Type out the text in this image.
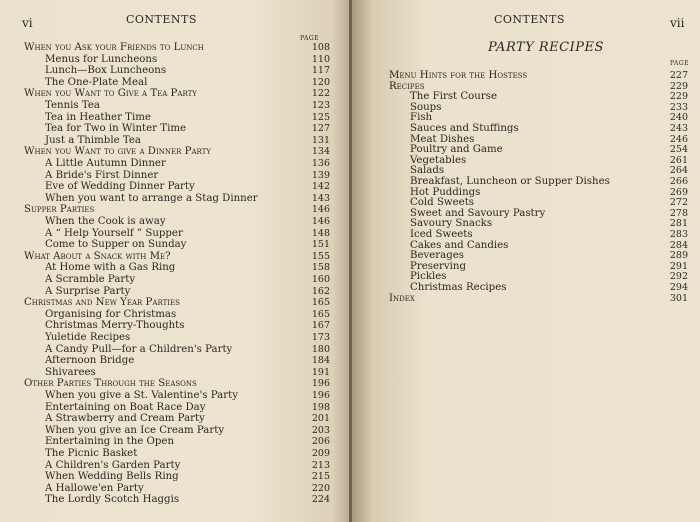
vi	CONTENTS
PAGE
When you Ask your Friends to Lunch	108
Menus for Luncheons	110
Lunch—Box Luncheons	117
The One-Plate Meal	120
When you Want to Give a Tea Party	122
Tennis Tea	123
Tea in Heather Time	125
Tea for Two in Winter Time	127
Just a Thimble Tea	131
When you Want to give a Dinner Party	134
A Little Autumn Dinner	136
A Bride's First Dinner	139
Eve of Wedding Dinner Party	142
When you want to arrange a Stag Dinner	143
Supper Parties	146
When the Cook is away	146
A “ Help Yourself ” Supper	148
Come to Supper on Sunday	151
What About a Snack with Me?	155
At Home with a Gas Ring	158
A Scramble Party	160
A Surprise Party	162
Christmas and New Year Parties	165
Organising for Christmas	165
Christmas Merry-Thoughts	167
Yuletide Recipes	173
A Candy Pull—for a Children's Party	180
Afternoon Bridge	184
Shivarees	191
Other Parties Through the Seasons	196
When you give a St. Valentine's Party	196
Entertaining on Boat Race Day	198
A Strawberry and Cream Party	201
When you give an Ice Cream Party	203
Entertaining in the Open	206
The Picnic Basket	209
A Children's Garden Party	213
When Wedding Bells Ring	215
A Hallowe'en Party	220
The Lordly Scotch Haggis	224
CONTENTS	vii
PARTY RECIPES
PAGE
Menu Hints for the Hostess	227
Recipes	229
The First Course	229
Soups	233
Fish	240
Sauces and Stuffings	243
Meat Dishes	246
Poultry and Game	254
Vegetables	261
Salads	264
Breakfast, Luncheon or Supper Dishes	266
Hot Puddings	269
Cold Sweets	272
Sweet and Savoury Pastry	278
Savoury Snacks	281
Iced Sweets	283
Cakes and Candies	284
Beverages	289
Preserving	291
Pickles	292
Christmas Recipes	294
Index	301
